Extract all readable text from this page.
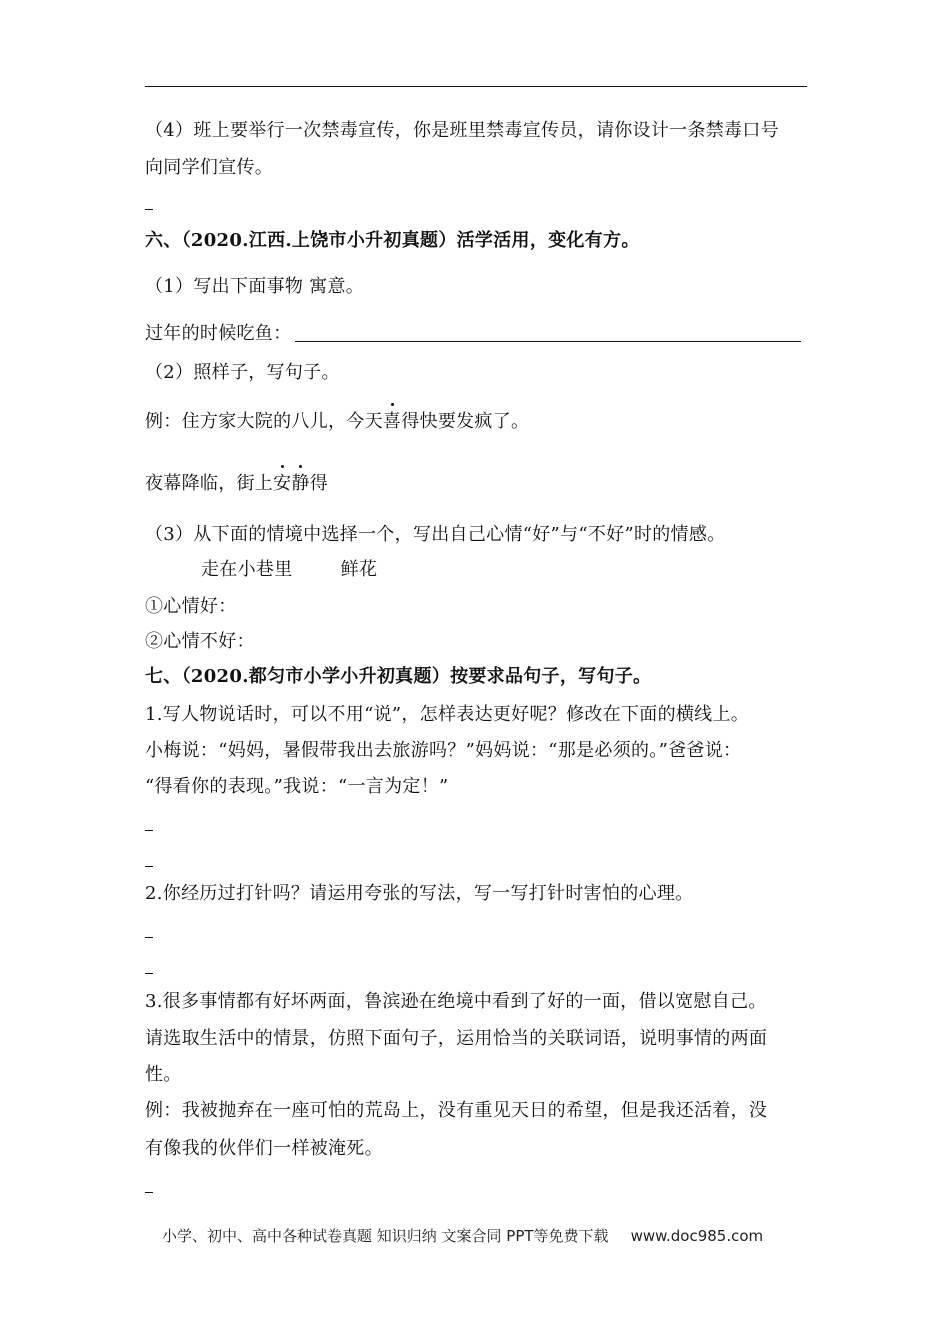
（4）班上要举行一次禁毒宣传，你是班里禁毒宣传员，请你设计一条禁毒口号
向同学们宣传。
六、（2020.江西.上饶市小升初真题）活学活用，变化有方。
（1）写出下面事物 寓意。
过年的时候吃鱼：
（2）照样子，写句子。
例：住方家大院的八儿，今天喜得快要发疯了。
夜幕降临，街上安静得
（3）从下面的情境中选择一个，写出自己心情“好”与“不好”时的情感。
走在小巷里        鲜花
①心情好：
②心情不好：
七、（2020.都匀市小学小升初真题）按要求品句子，写句子。
1.写人物说话时，可以不用“说”，怎样表达更好呢？修改在下面的横线上。
小梅说：“妈妈，暑假带我出去旅游吗？”妈妈说：“那是必须的。”爸爸说：
“得看你的表现。”我说：“一言为定！”
2.你经历过打针吗？请运用夸张的写法，写一写打针时害怕的心理。
3.很多事情都有好坏两面，鲁滨逊在绝境中看到了好的一面，借以宽慰自己。
请选取生活中的情景，仿照下面句子，运用恰当的关联词语，说明事情的两面
性。
例：我被抛弃在一座可怕的荒岛上，没有重见天日的希望，但是我还活着，没
有像我的伙伴们一样被淹死。
小学、初中、高中各种试卷真题 知识归纳 文案合同 PPT等免费下载 www.doc985.com
